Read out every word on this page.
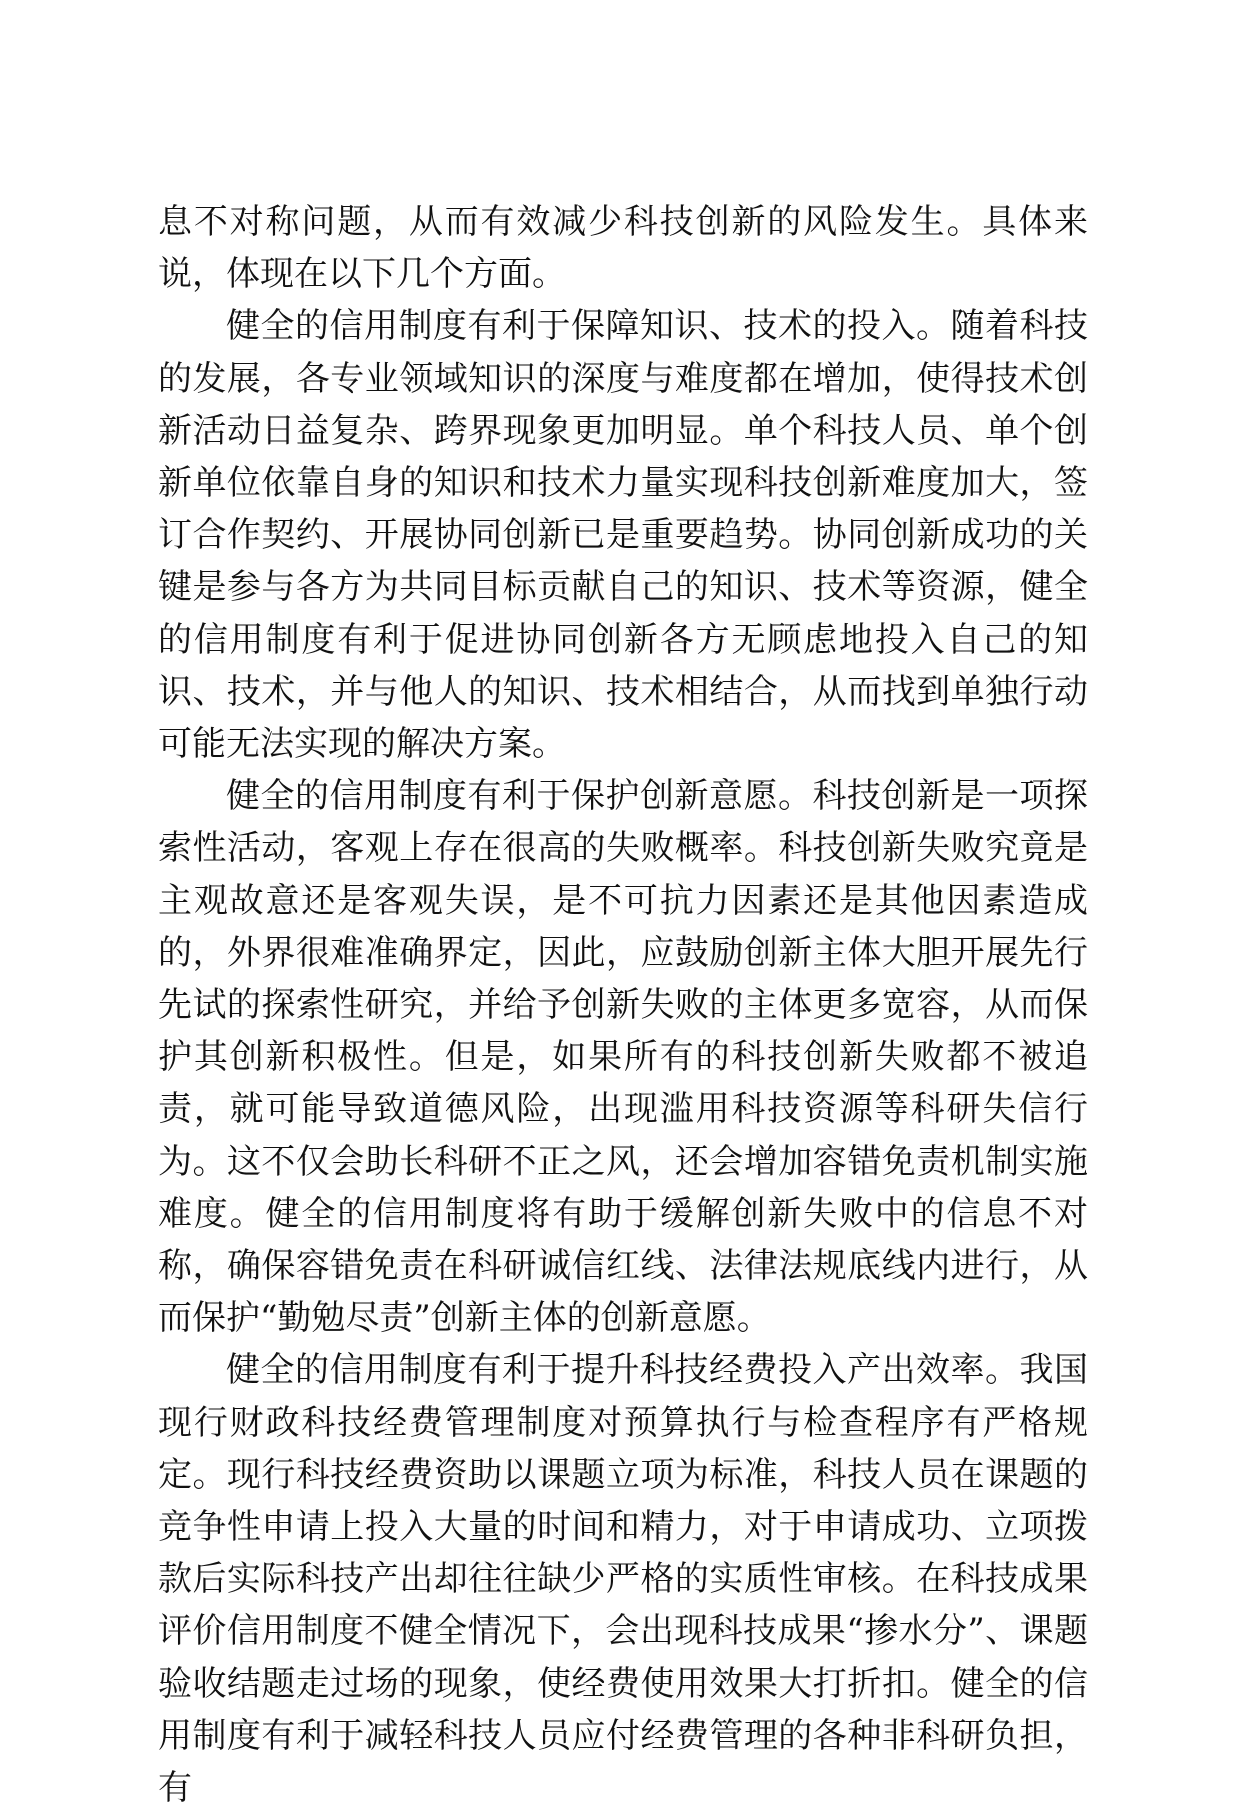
息不对称问题，从而有效减少科技创新的风险发生。具体来说，体现在以下几个方面。

健全的信用制度有利于保障知识、技术的投入。随着科技的发展，各专业领域知识的深度与难度都在增加，使得技术创新活动日益复杂、跨界现象更加明显。单个科技人员、单个创新单位依靠自身的知识和技术力量实现科技创新难度加大，签订合作契约、开展协同创新已是重要趋势。协同创新成功的关键是参与各方为共同目标贡献自己的知识、技术等资源，健全的信用制度有利于促进协同创新各方无顾虑地投入自己的知识、技术，并与他人的知识、技术相结合，从而找到单独行动可能无法实现的解决方案。

健全的信用制度有利于保护创新意愿。科技创新是一项探索性活动，客观上存在很高的失败概率。科技创新失败究竟是主观故意还是客观失误，是不可抗力因素还是其他因素造成的，外界很难准确界定，因此，应鼓励创新主体大胆开展先行先试的探索性研究，并给予创新失败的主体更多宽容，从而保护其创新积极性。但是，如果所有的科技创新失败都不被追责，就可能导致道德风险，出现滥用科技资源等科研失信行为。这不仅会助长科研不正之风，还会增加容错免责机制实施难度。健全的信用制度将有助于缓解创新失败中的信息不对称，确保容错免责在科研诚信红线、法律法规底线内进行，从而保护“勤勉尽责”创新主体的创新意愿。

健全的信用制度有利于提升科技经费投入产出效率。我国现行财政科技经费管理制度对预算执行与检查程序有严格规定。现行科技经费资助以课题立项为标准，科技人员在课题的竞争性申请上投入大量的时间和精力，对于申请成功、立项拨款后实际科技产出却往往缺少严格的实质性审核。在科技成果评价信用制度不健全情况下，会出现科技成果“掺水分”、课题验收结题走过场的现象，使经费使用效果大打折扣。健全的信用制度有利于减轻科技人员应付经费管理的各种非科研负担，有
